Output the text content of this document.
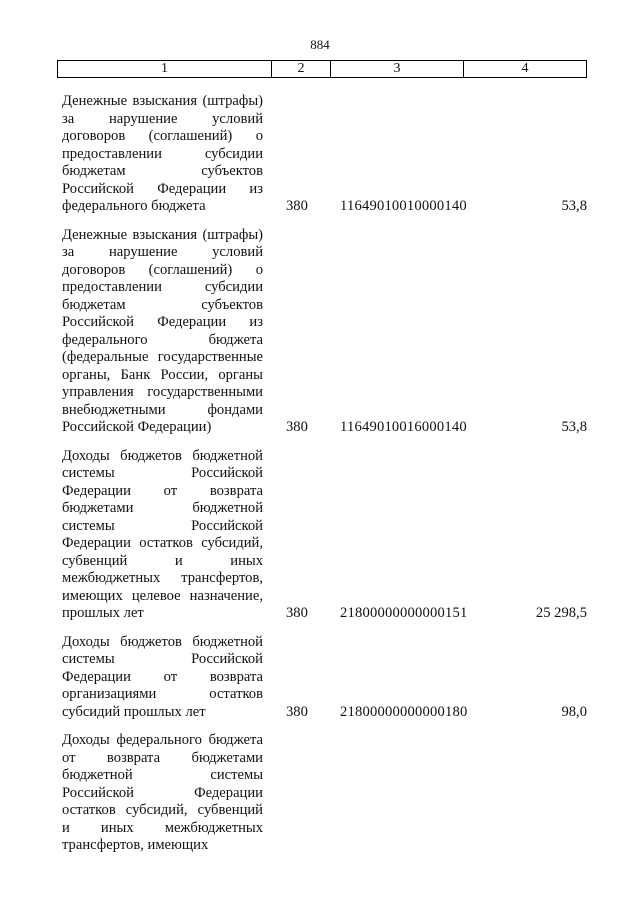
884
1	2	3	4
Денежные взыскания (штрафы)
за нарушение условий
договоров (соглашений) о
предоставлении субсидии
бюджетам субъектов
Российской Федерации из
федерального бюджета	380 11649010010000140	53,8
Денежные взыскания (штрафы)
за нарушение условий
договоров (соглашений) о
предоставлении субсидии
бюджетам субъектов
Российской Федерации из
федерального бюджета
(федеральные государственные
органы, Банк России, органы
управления государственными
внебюджетными фондами
Российской Федерации)	380 11649010016000140	53,8
Доходы бюджетов бюджетной
системы Российской
Федерации от возврата
бюджетами бюджетной
системы Российской
Федерации остатков субсидий,
субвенций и иных
межбюджетных трансфертов,
имеющих целевое назначение,
прошлых лет	380 21800000000000151	25 298,5
Доходы бюджетов бюджетной
системы Российской
Федерации от возврата
организациями остатков
субсидий прошлых лет	380 21800000000000180	98,0
Доходы федерального бюджета
от возврата бюджетами
бюджетной системы
Российской Федерации
остатков субсидий, субвенций
и иных межбюджетных
трансфертов, имеющих
